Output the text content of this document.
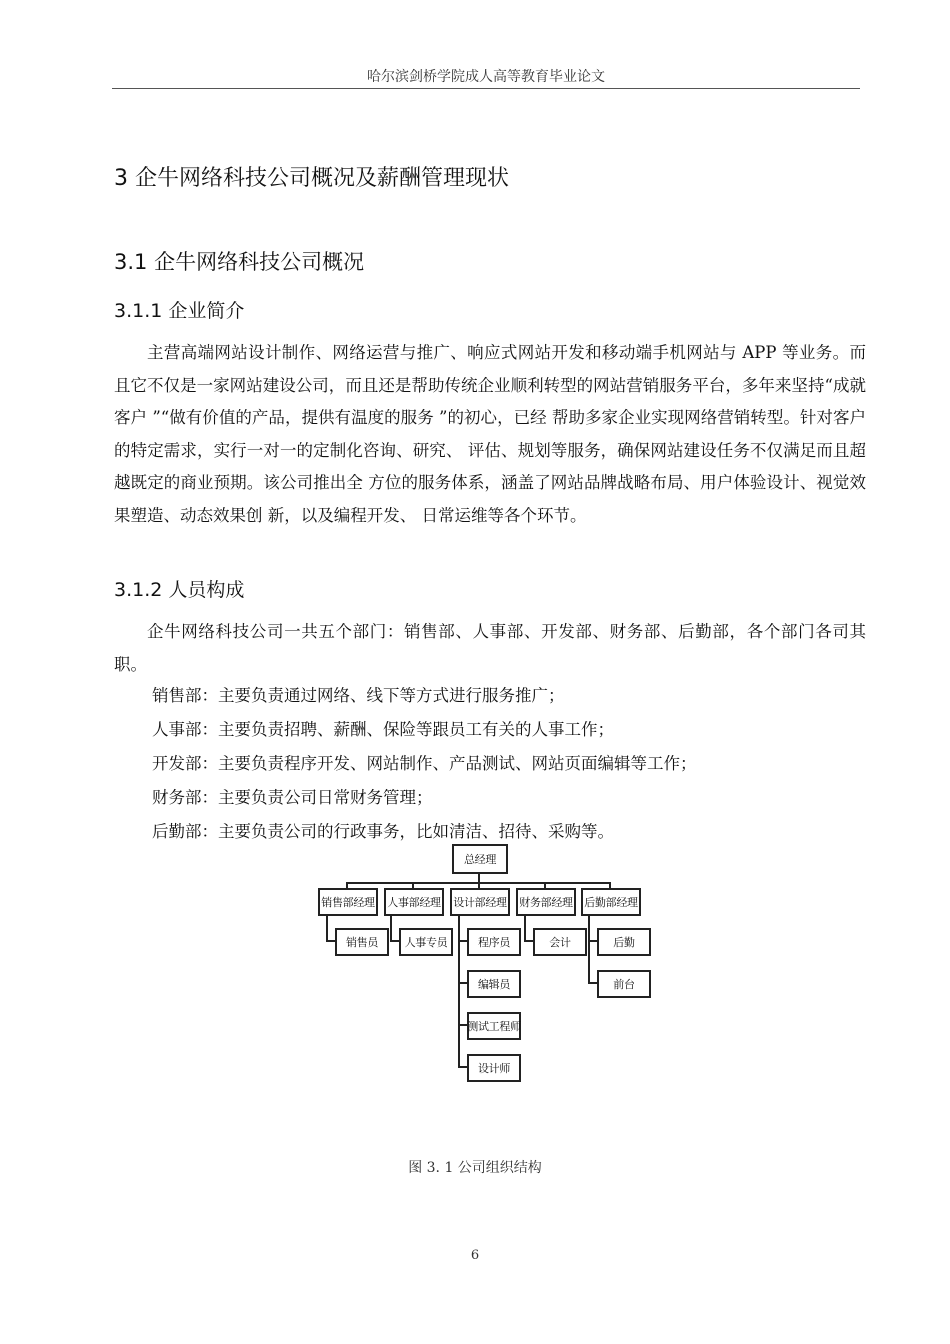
哈尔滨剑桥学院成人高等教育毕业论文
3 企牛网络科技公司概况及薪酬管理现状
3.1 企牛网络科技公司概况
3.1.1 企业简介

主营高端网站设计制作、网络运营与推广、响应式网站开发和移动端手机网站与 APP 等业务。而且它不仅是一家网站建设公司，而且还是帮助传统企业顺利转型的网站营销服务平台，多年来坚持“成就客户 ”“做有价值的产品，提供有温度的服务 ”的初心，已经 帮助多家企业实现网络营销转型。针对客户的特定需求，实行一对一的定制化咨询、研究、 评估、规划等服务，确保网站建设任务不仅满足而且超越既定的商业预期。该公司推出全 方位的服务体系，涵盖了网站品牌战略布局、用户体验设计、视觉效果塑造、动态效果创 新，以及编程开发、 日常运维等各个环节。

3.1.2 人员构成

企牛网络科技公司一共五个部门：销售部、人事部、开发部、财务部、后勤部，各个部门各司其职。

销售部：主要负责通过网络、线下等方式进行服务推广；
人事部：主要负责招聘、薪酬、保险等跟员工有关的人事工作；
开发部：主要负责程序开发、网站制作、产品测试、网站页面编辑等工作；
财务部：主要负责公司日常财务管理；
后勤部：主要负责公司的行政事务，比如清洁、招待、采购等。
总经理
销售部经理 人事部经理 设计部经理 财务部经理 后勤部经理
销售员	人事专员	程序员
编辑员
测试工程师
设计师
会计	后勤
前台
图 3. 1 公司组织结构
6
